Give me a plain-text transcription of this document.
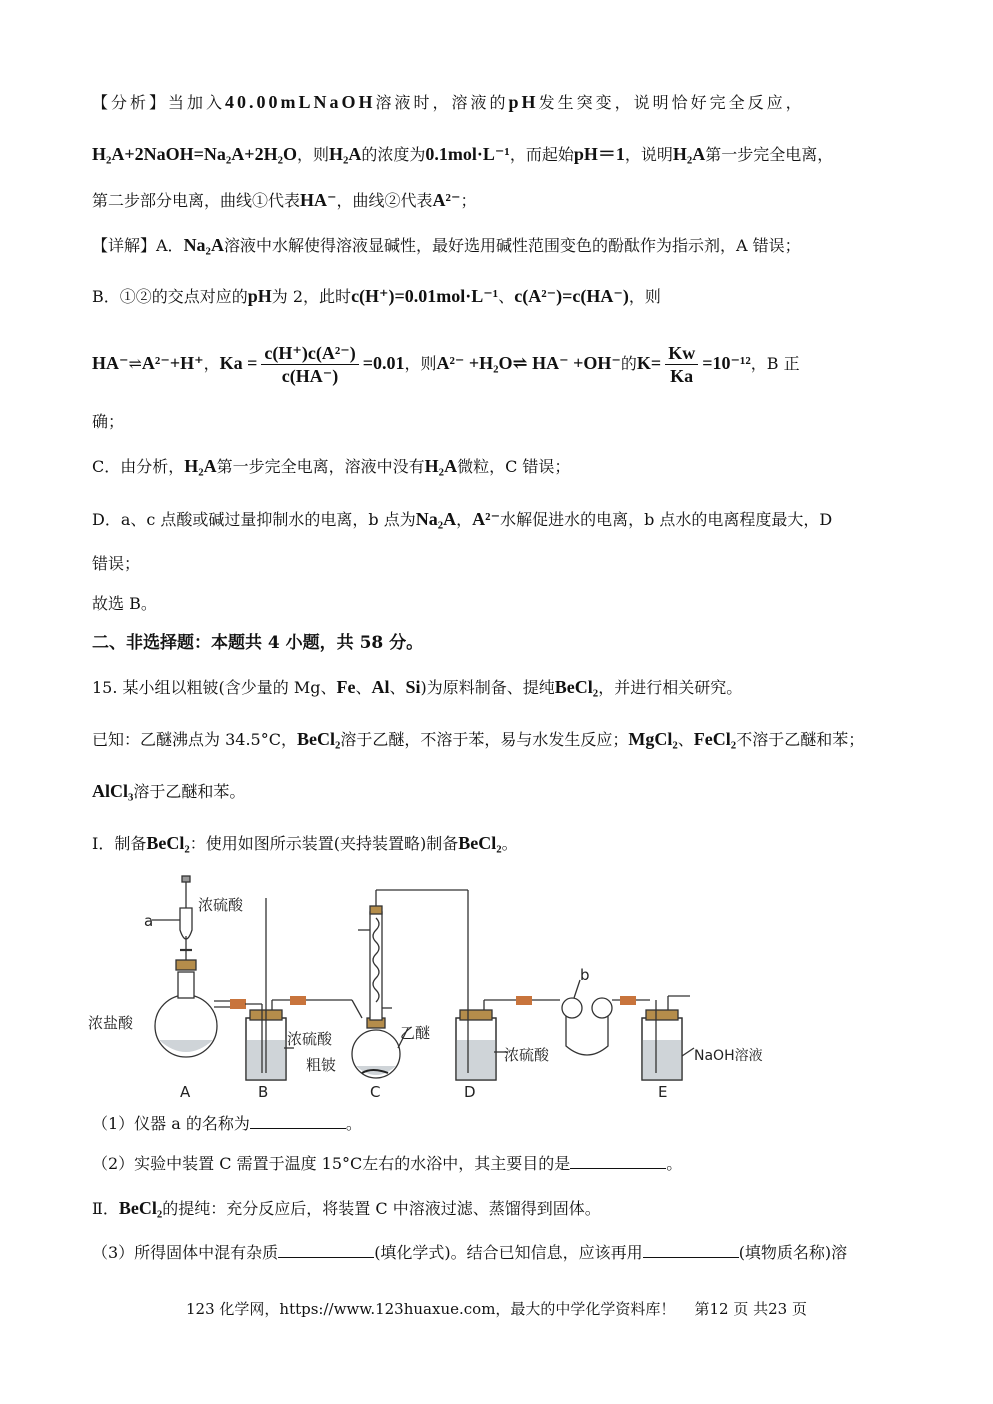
【分析】当加入40.00mLNaOH溶液时，溶液的pH发生突变，说明恰好完全反应，
H₂A+2NaOH=Na₂A+2H₂O，则H₂A的浓度为0.1mol·L⁻¹，而起始pH＝1，说明H₂A第一步完全电离，
第二步部分电离，曲线①代表HA⁻，曲线②代表A²⁻；
【详解】A．Na₂A溶液中水解使得溶液显碱性，最好选用碱性范围变色的酚酞作为指示剂，A 错误；
B．①②的交点对应的pH为 2，此时c(H⁺)=0.01mol·L⁻¹、c(A²⁻)=c(HA⁻)，则
HA⁻⇌A²⁻+H⁺，$Ka = \frac{\text{c(H⁺)c(A²⁻)}}{c(HA^-)} =0.01$，则A²⁻ +H₂O⇌ HA⁻ +OH⁻的$K= \frac{Kw}{Ka} =10^{-12}$，B 正
确；
C．由分析，H₂A第一步完全电离，溶液中没有H₂A微粒，C 错误；
D．a、c 点酸或碱过量抑制水的电离，b 点为Na₂A，A²⁻水解促进水的电离，b 点水的电离程度最大，D
错误；
故选 B。
二、非选择题：本题共 4 小题，共 58 分。
15. 某小组以粗铍(含少量的 Mg、Fe、Al、Si)为原料制备、提纯BeCl₂，并进行相关研究。
已知：乙醚沸点为 34.5°C，BeCl₂溶于乙醚，不溶于苯，易与水发生反应；MgCl₂、FeCl₂不溶于乙醚和苯；
AlCl₃溶于乙醚和苯。
Ⅰ．制备BeCl₂：使用如图所示装置(夹持装置略)制备BeCl₂。
a
浓硫酸
浓盐酸
浓硫酸
粗铍
乙醚
浓硫酸
b
NaOH溶液
A	B	C	D	E
（1）仪器 a 的名称为	。
（2）实验中装置 C 需置于温度 15°C左右的水浴中，其主要目的是	。
Ⅱ．BeCl₂的提纯：充分反应后，将装置 C 中溶液过滤、蒸馏得到固体。
（3）所得固体中混有杂质	(填化学式)。结合已知信息，应该再用	(填物质名称)溶
123 化学网，https://www.123huaxue.com，最大的中学化学资料库！ 第12 页 共23 页
